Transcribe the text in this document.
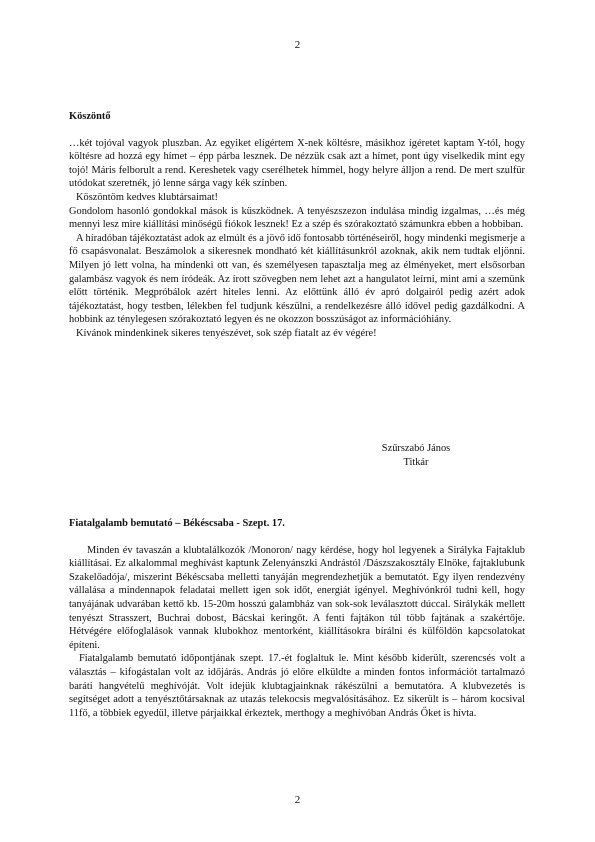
2

Köszöntő

…két tojóval vagyok pluszban. Az egyiket elígértem X-nek költésre, másikhoz ígéretet kaptam Y-tól, hogy költésre ad hozzá egy hímet – épp párba lesznek. De nézzük csak azt a hímet, pont úgy viselkedik mint egy tojó! Máris felborult a rend. Kereshetek vagy cserélhetek hímmel, hogy helyre álljon a rend. De mert szulfür utódokat szeretnék, jó lenne sárga vagy kék színben.

Köszöntöm kedves klubtársaimat!

Gondolom hasonló gondokkal mások is küszködnek. A tenyészszezon indulása mindig izgalmas, …és még mennyi lesz mire kiállítási minőségű fiókok lesznek! Ez a szép és szórakoztató számunkra ebben a hobbiban.

A híradóban tájékoztatást adok az elmúlt és a jövő idő fontosabb történéseiről, hogy mindenki megismerje a fő csapásvonalat. Beszámolok a sikeresnek mondható két kiállításunkról azoknak, akik nem tudtak eljönni. Milyen jó lett volna, ha mindenki ott van, és személyesen tapasztalja meg az élményeket, mert elsősorban galambász vagyok és nem íródeák. Az írott szövegben nem lehet azt a hangulatot leírni, mint ami a szemünk előtt történik. Megpróbálok azért hiteles lenni. Az előttünk álló év apró dolgairól pedig azért adok tájékoztatást, hogy testben, lélekben fel tudjunk készülni, a rendelkezésre álló idővel pedig gazdálkodni. A hobbink az ténylegesen szórakoztató legyen és ne okozzon bosszúságot az információhiány.

Kívánok mindenkinek sikeres tenyészévet, sok szép fiatalt az év végére!

Szűrszabó János
Titkár

Fiatalgalamb bemutató – Békéscsaba - Szept. 17.

Minden év tavaszán a klubtalálkozók /Monoron/ nagy kérdése, hogy hol legyenek a Sirályka Fajtaklub kiállításai. Ez alkalommal meghívást kaptunk Zelenyánszki Andrástól /Dászszakosztály Elnöke, fajtaklubunk Szakelőadója/, miszerint Békéscsaba melletti tanyáján megrendezhetjük a bemutatót. Egy ilyen rendezvény vállalása a mindennapok feladatai mellett igen sok időt, energiát igényel. Meghívónkról tudni kell, hogy tanyájának udvarában kettő kb. 15-20m hosszú galambház van sok-sok leválasztott dúccal. Sirálykák mellett tenyészt Strasszert, Buchrai dobost, Bácskai keringőt. A fenti fajtákon túl több fajtának a szakértője. Hétvégére előfoglalások vannak klubokhoz mentorként, kiállításokra bírálni és külföldön kapcsolatokat építeni.

Fiatalgalamb bemutató időpontjának szept. 17.-ét foglaltuk le. Mint később kiderült, szerencsés volt a választás – kifogástalan volt az időjárás. András jó előre elküldte a minden fontos információt tartalmazó baráti hangvételű meghívóját. Volt idejük klubtagjainknak rákészülni a bemutatóra. A klubvezetés is segítséget adott a tenyésztőtársaknak az utazás telekocsis megvalósításához. Ez sikerült is – három kocsival 11fő, a többiek egyedül, illetve párjaikkal érkeztek, merthogy a meghívóban András Őket is hívta.

2
